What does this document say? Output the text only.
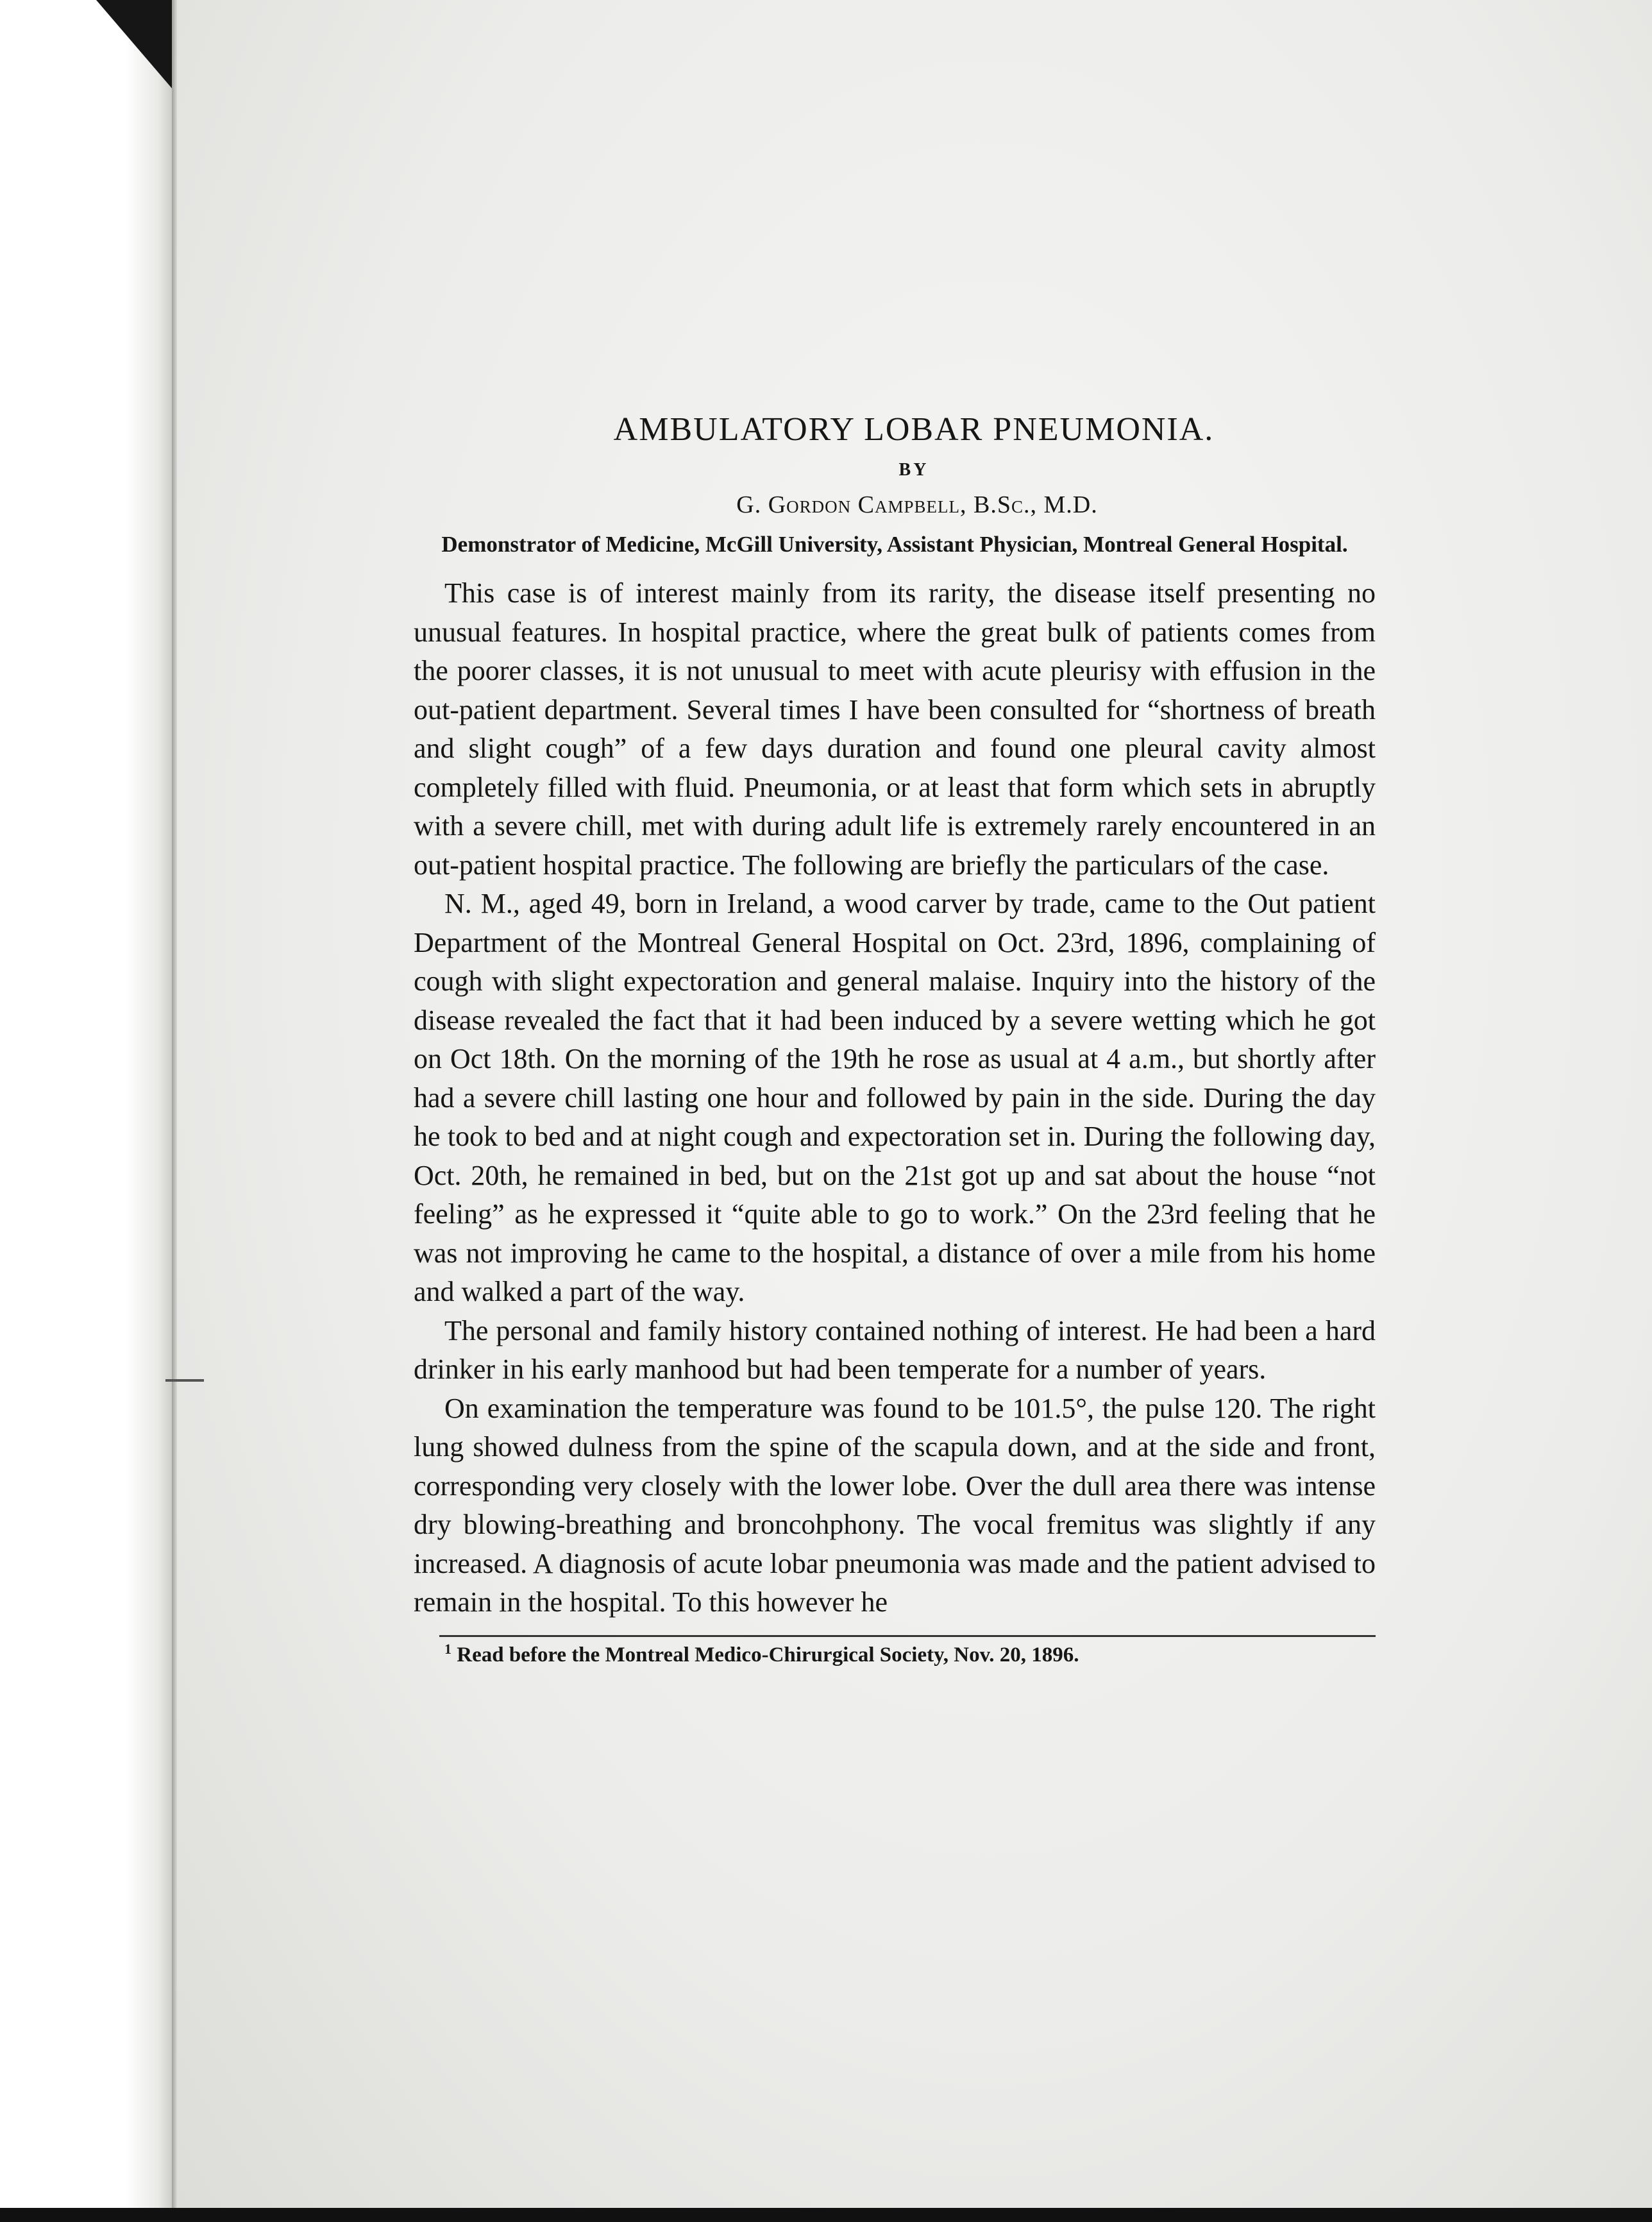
AMBULATORY LOBAR PNEUMONIA.
BY
G. Gordon Campbell, B.Sc., M.D.
Demonstrator of Medicine, McGill University, Assistant Physician, Montreal General Hospital.

This case is of interest mainly from its rarity, the disease itself presenting no unusual features. In hospital practice, where the great bulk of patients comes from the poorer classes, it is not unusual to meet with acute pleurisy with effusion in the out-patient department. Several times I have been consulted for “shortness of breath and slight cough” of a few days duration and found one pleural cavity almost completely filled with fluid. Pneumonia, or at least that form which sets in abruptly with a severe chill, met with during adult life is extremely rarely encountered in an out-patient hospital practice. The following are briefly the particulars of the case.

N. M., aged 49, born in Ireland, a wood carver by trade, came to the Out patient Department of the Montreal General Hospital on Oct. 23rd, 1896, complaining of cough with slight expectoration and general malaise. Inquiry into the history of the disease revealed the fact that it had been induced by a severe wetting which he got on Oct 18th. On the morning of the 19th he rose as usual at 4 a.m., but shortly after had a severe chill lasting one hour and followed by pain in the side. During the day he took to bed and at night cough and expectoration set in. During the following day, Oct. 20th, he remained in bed, but on the 21st got up and sat about the house “not feeling” as he expressed it “quite able to go to work.” On the 23rd feeling that he was not improving he came to the hospital, a distance of over a mile from his home and walked a part of the way.

The personal and family history contained nothing of interest. He had been a hard drinker in his early manhood but had been temperate for a number of years.

On examination the temperature was found to be 101.5°, the pulse 120. The right lung showed dulness from the spine of the scapula down, and at the side and front, corresponding very closely with the lower lobe. Over the dull area there was intense dry blowing-breathing and broncohphony. The vocal fremitus was slightly if any increased. A diagnosis of acute lobar pneumonia was made and the patient advised to remain in the hospital. To this however he

$^1$ Read before the Montreal Medico-Chirurgical Society, Nov. 20, 1896.
